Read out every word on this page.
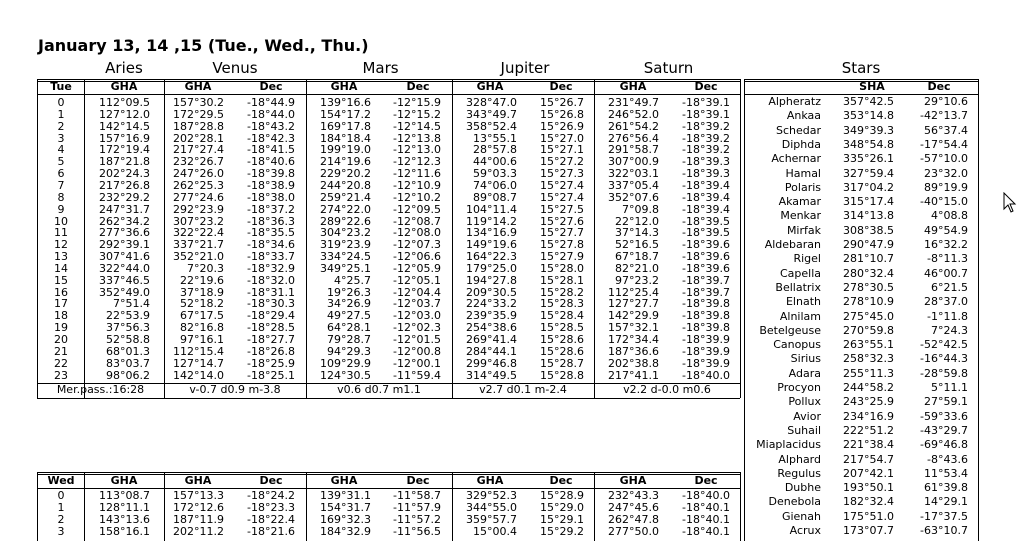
January 13, 14 ,15 (Tue., Wed., Thu.)
Aries	Venus	Mars	Jupiter	Saturn	Stars
Tue	GHA	GHA	Dec	GHA	Dec	GHA	Dec	GHA	Dec
0	112°09.5	157°30.2	-18°44.9	139°16.6	-12°15.9	328°47.0	15°26.7	231°49.7	-18°39.1
1	127°12.0	172°29.5	-18°44.0	154°17.2	-12°15.2	343°49.7	15°26.8	246°52.0	-18°39.1
2	142°14.5	187°28.8	-18°43.2	169°17.8	-12°14.5	358°52.4	15°26.9	261°54.2	-18°39.2
3	157°16.9	202°28.1	-18°42.3	184°18.4	-12°13.8	13°55.1	15°27.0	276°56.4	-18°39.2
4	172°19.4	217°27.4	-18°41.5	199°19.0	-12°13.0	28°57.8	15°27.1	291°58.7	-18°39.2
5	187°21.8	232°26.7	-18°40.6	214°19.6	-12°12.3	44°00.6	15°27.2	307°00.9	-18°39.3
6	202°24.3	247°26.0	-18°39.8	229°20.2	-12°11.6	59°03.3	15°27.3	322°03.1	-18°39.3
7	217°26.8	262°25.3	-18°38.9	244°20.8	-12°10.9	74°06.0	15°27.4	337°05.4	-18°39.4
8	232°29.2	277°24.6	-18°38.0	259°21.4	-12°10.2	89°08.7	15°27.4	352°07.6	-18°39.4
9	247°31.7	292°23.9	-18°37.2	274°22.0	-12°09.5	104°11.4	15°27.5	7°09.8	-18°39.4
10	262°34.2	307°23.2	-18°36.3	289°22.6	-12°08.7	119°14.2	15°27.6	22°12.0	-18°39.5
11	277°36.6	322°22.4	-18°35.5	304°23.2	-12°08.0	134°16.9	15°27.7	37°14.3	-18°39.5
12	292°39.1	337°21.7	-18°34.6	319°23.9	-12°07.3	149°19.6	15°27.8	52°16.5	-18°39.6
13	307°41.6	352°21.0	-18°33.7	334°24.5	-12°06.6	164°22.3	15°27.9	67°18.7	-18°39.6
14	322°44.0	7°20.3	-18°32.9	349°25.1	-12°05.9	179°25.0	15°28.0	82°21.0	-18°39.6
15	337°46.5	22°19.6	-18°32.0	4°25.7	-12°05.1	194°27.8	15°28.1	97°23.2	-18°39.7
16	352°49.0	37°18.9	-18°31.1	19°26.3	-12°04.4	209°30.5	15°28.2	112°25.4	-18°39.7
17	7°51.4	52°18.2	-18°30.3	34°26.9	-12°03.7	224°33.2	15°28.3	127°27.7	-18°39.8
18	22°53.9	67°17.5	-18°29.4	49°27.5	-12°03.0	239°35.9	15°28.4	142°29.9	-18°39.8
19	37°56.3	82°16.8	-18°28.5	64°28.1	-12°02.3	254°38.6	15°28.5	157°32.1	-18°39.8
20	52°58.8	97°16.1	-18°27.7	79°28.7	-12°01.5	269°41.4	15°28.6	172°34.4	-18°39.9
21	68°01.3	112°15.4	-18°26.8	94°29.3	-12°00.8	284°44.1	15°28.6	187°36.6	-18°39.9
22	83°03.7	127°14.7	-18°25.9	109°29.9	-12°00.1	299°46.8	15°28.7	202°38.8	-18°39.9
23	98°06.2	142°14.0	-18°25.1	124°30.5	-11°59.4	314°49.5	15°28.8	217°41.1	-18°40.0
Mer.pass.:16:28	v-0.7 d0.9 m-3.8	v0.6 d0.7 m1.1	v2.7 d0.1 m-2.4	v2.2 d-0.0 m0.6
Wed	GHA	GHA	Dec	GHA	Dec	GHA	Dec	GHA	Dec
0	113°08.7	157°13.3	-18°24.2	139°31.1	-11°58.7	329°52.3	15°28.9	232°43.3	-18°40.0
1	128°11.1	172°12.6	-18°23.3	154°31.7	-11°57.9	344°55.0	15°29.0	247°45.6	-18°40.1
2	143°13.6	187°11.9	-18°22.4	169°32.3	-11°57.2	359°57.7	15°29.1	262°47.8	-18°40.1
3	158°16.1	202°11.2	-18°21.6	184°32.9	-11°56.5	15°00.4	15°29.2	277°50.0	-18°40.1
SHA	Dec
Alpheratz	357°42.5	29°10.6
Ankaa	353°14.8	-42°13.7
Schedar	349°39.3	56°37.4
Diphda	348°54.8	-17°54.4
Achernar	335°26.1	-57°10.0
Hamal	327°59.4	23°32.0
Polaris	317°04.2	89°19.9
Akamar	315°17.4	-40°15.0
Menkar	314°13.8	4°08.8
Mirfak	308°38.5	49°54.9
Aldebaran	290°47.9	16°32.2
Rigel	281°10.7	-8°11.3
Capella	280°32.4	46°00.7
Bellatrix	278°30.5	6°21.5
Elnath	278°10.9	28°37.0
Alnilam	275°45.0	-1°11.8
Betelgeuse	270°59.8	7°24.3
Canopus	263°55.1	-52°42.5
Sirius	258°32.3	-16°44.3
Adara	255°11.3	-28°59.8
Procyon	244°58.2	5°11.1
Pollux	243°25.9	27°59.1
Avior	234°16.9	-59°33.6
Suhail	222°51.2	-43°29.7
Miaplacidus	221°38.4	-69°46.8
Alphard	217°54.7	-8°43.6
Regulus	207°42.1	11°53.4
Dubhe	193°50.1	61°39.8
Denebola	182°32.4	14°29.1
Gienah	175°51.0	-17°37.5
Acrux	173°07.7	-63°10.7
